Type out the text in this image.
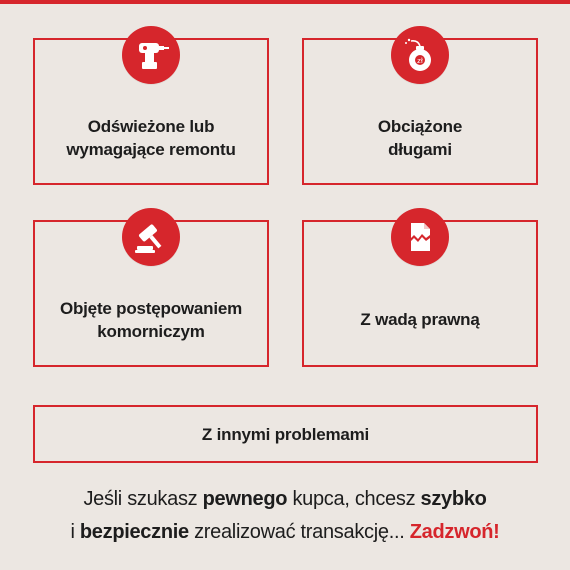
Odświeżone lub
wymagające remontu
Obciążone
długami
zł
Objęte postępowaniem
komorniczym
Z wadą prawną
Z innymi problemami
Jeśli szukasz pewnego kupca, chcesz szybko
i bezpiecznie zrealizować transakcję... Zadzwoń!
